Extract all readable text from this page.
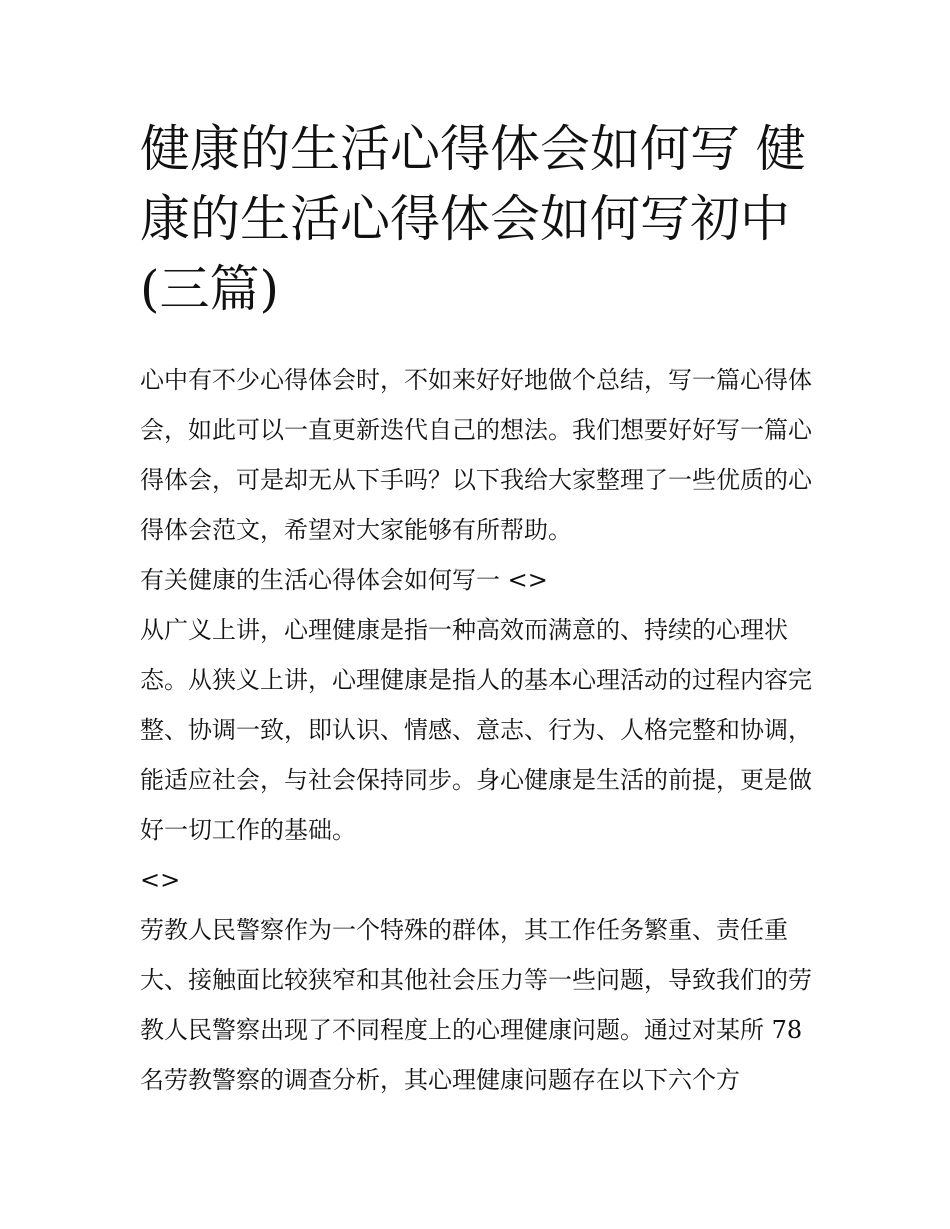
健康的生活心得体会如何写 健康的生活心得体会如何写初中(三篇)

心中有不少心得体会时，不如来好好地做个总结，写一篇心得体会，如此可以一直更新迭代自己的想法。我们想要好好写一篇心得体会，可是却无从下手吗？以下我给大家整理了一些优质的心得体会范文，希望对大家能够有所帮助。

有关健康的生活心得体会如何写一 <>

从广义上讲，心理健康是指一种高效而满意的、持续的心理状态。从狭义上讲，心理健康是指人的基本心理活动的过程内容完整、协调一致，即认识、情感、意志、行为、人格完整和协调，能适应社会，与社会保持同步。身心健康是生活的前提，更是做好一切工作的基础。

<>

劳教人民警察作为一个特殊的群体，其工作任务繁重、责任重大、接触面比较狭窄和其他社会压力等一些问题，导致我们的劳教人民警察出现了不同程度上的心理健康问题。通过对某所 78 名劳教警察的调查分析，其心理健康问题存在以下六个方
